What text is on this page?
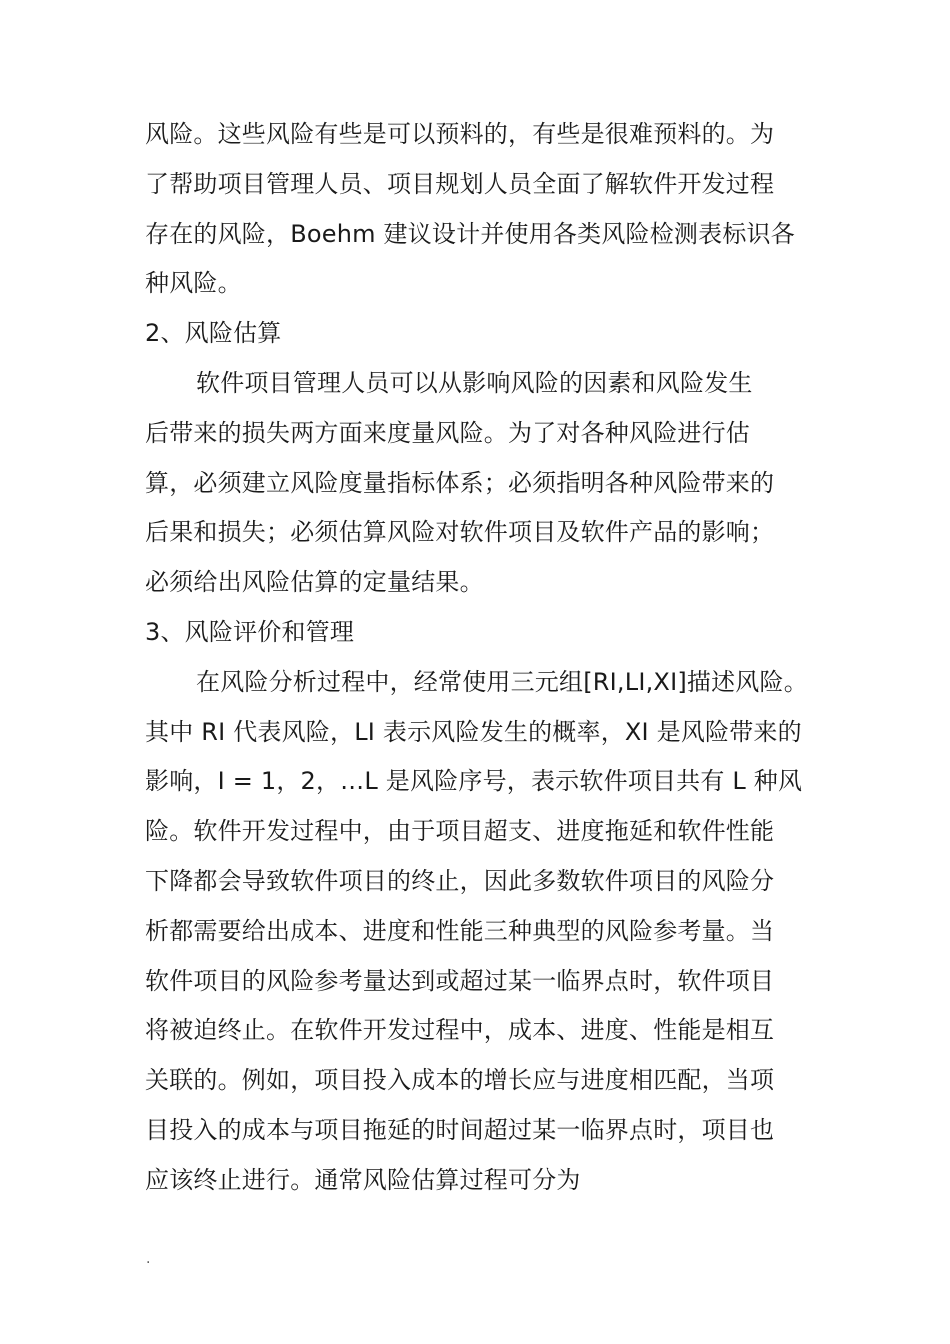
风险。这些风险有些是可以预料的，有些是很难预料的。为
了帮助项目管理人员、项目规划人员全面了解软件开发过程
存在的风险，Boehm 建议设计并使用各类风险检测表标识各
种风险。
2、风险估算
软件项目管理人员可以从影响风险的因素和风险发生
后带来的损失两方面来度量风险。为了对各种风险进行估
算，必须建立风险度量指标体系；必须指明各种风险带来的
后果和损失；必须估算风险对软件项目及软件产品的影响；
必须给出风险估算的定量结果。
3、风险评价和管理
在风险分析过程中，经常使用三元组[RI,LI,XI]描述风险。
其中 RI 代表风险，LI 表示风险发生的概率，XI 是风险带来的
影响，I = 1，2，…L 是风险序号，表示软件项目共有 L 种风
险。软件开发过程中，由于项目超支、进度拖延和软件性能
下降都会导致软件项目的终止，因此多数软件项目的风险分
析都需要给出成本、进度和性能三种典型的风险参考量。当
软件项目的风险参考量达到或超过某一临界点时，软件项目
将被迫终止。在软件开发过程中，成本、进度、性能是相互
关联的。例如，项目投入成本的增长应与进度相匹配，当项
目投入的成本与项目拖延的时间超过某一临界点时，项目也
应该终止进行。通常风险估算过程可分为
.
